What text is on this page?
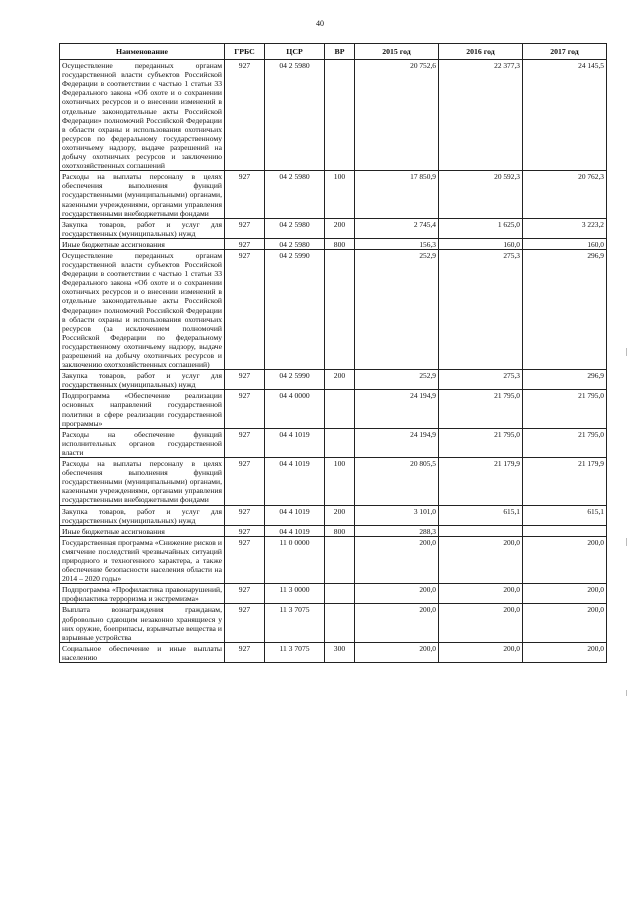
40
Наименование	ГРБС	ЦСР	ВР	2015 год	2016 год	2017 год
Осуществление переданных органам государственной власти субъектов Российской Федерации в соответствии с частью 1 статьи 33 Федерального закона «Об охоте и о сохранении охотничьих ресурсов и о внесении изменений в отдельные законодательные акты Российской Федерации» полномочий Российской Федерации в области охраны и использования охотничьих ресурсов по федеральному государственному охотничьему надзору, выдаче разрешений на добычу охотничьих ресурсов и заключению охотхозяйственных соглашений	927	04 2 5980		20 752,6	22 377,3	24 145,5
Расходы на выплаты персоналу в целях обеспечения выполнения функций государственными (муниципальными) органами, казенными учреждениями, органами управления государственными внебюджетными фондами	927	04 2 5980	100	17 850,9	20 592,3	20 762,3
Закупка товаров, работ и услуг для государственных (муниципальных) нужд	927	04 2 5980	200	2 745,4	1 625,0	3 223,2
Иные бюджетные ассигнования	927	04 2 5980	800	156,3	160,0	160,0
Осуществление переданных органам государственной власти субъектов Российской Федерации в соответствии с частью 1 статьи 33 Федерального закона «Об охоте и о сохранении охотничьих ресурсов и о внесении изменений в отдельные законодательные акты Российской Федерации» полномочий Российской Федерации в области охраны и использования охотничьих ресурсов (за исключением полномочий Российской Федерации по федеральному государственному охотничьему надзору, выдаче разрешений на добычу охотничьих ресурсов и заключению охотхозяйственных соглашений)	927	04 2 5990		252,9	275,3	296,9
Закупка товаров, работ и услуг для государственных (муниципальных) нужд	927	04 2 5990	200	252,9	275,3	296,9
Подпрограмма «Обеспечение реализации основных направлений государственной политики в сфере реализации государственной программы»	927	04 4 0000		24 194,9	21 795,0	21 795,0
Расходы на обеспечение функций исполнительных органов государственной власти	927	04 4 1019		24 194,9	21 795,0	21 795,0
Расходы на выплаты персоналу в целях обеспечения выполнения функций государственными (муниципальными) органами, казенными учреждениями, органами управления государственными внебюджетными фондами	927	04 4 1019	100	20 805,5	21 179,9	21 179,9
Закупка товаров, работ и услуг для государственных (муниципальных) нужд	927	04 4 1019	200	3 101,0	615,1	615,1
Иные бюджетные ассигнования	927	04 4 1019	800	288,3		
Государственная программа «Снижение рисков и смягчение последствий чрезвычайных ситуаций природного и техногенного характера, а также обеспечение безопасности населения области на 2014 – 2020 годы»	927	11 0 0000		200,0	200,0	200,0
Подпрограмма «Профилактика правонарушений, профилактика терроризма и экстремизма»	927	11 3 0000		200,0	200,0	200,0
Выплата вознаграждения гражданам, добровольно сдающим незаконно хранящиеся у них оружие, боеприпасы, взрывчатые вещества и взрывные устройства	927	11 3 7075		200,0	200,0	200,0
Социальное обеспечение и иные выплаты населению	927	11 3 7075	300	200,0	200,0	200,0
